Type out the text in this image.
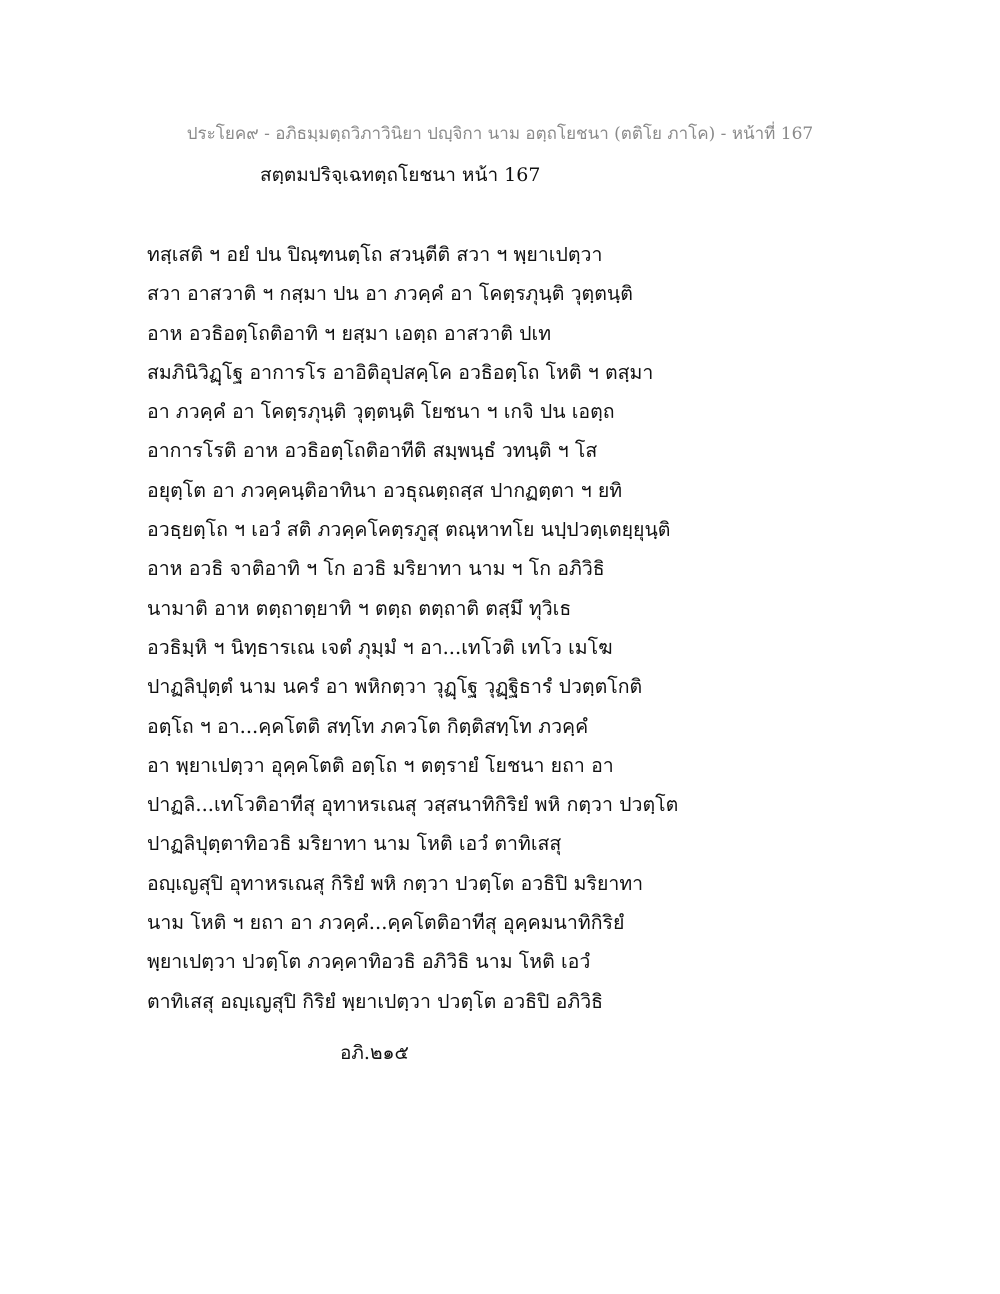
ประโยค๙ - อภิธมฺมตฺถวิภาวินิยา ปญฺจิกา นาม อตฺถโยชนา (ตติโย ภาโค) - หน้าที่ 167
สตฺตมปริจฺเฉทตฺถโยชนา หน้า 167
ทสฺเสติ ฯ อยํ ปน ปิณฺฑนตฺโถ สวนฺตีติ สวา ฯ พฺยาเปตฺวา
สวา อาสวาติ ฯ กสฺมา ปน อา ภวคฺคํ อา โคตฺรภุนฺติ วุตฺตนฺติ
อาห อวธิอตฺโถติอาทิ ฯ ยสฺมา เอตฺถ อาสวาติ ปเท
สมภินิวิฏฺโฐ อาการโร อาอิติอุปสคฺโค อวธิอตฺโถ โหติ ฯ ตสฺมา
อา ภวคฺคํ อา โคตฺรภุนฺติ วุตฺตนฺติ โยชนา ฯ เกจิ ปน เอตฺถ
อาการโรติ อาห อวธิอตฺโถติอาทีติ สมฺพนฺธํ วทนฺติ ฯ โส
อยุตฺโต อา ภวคฺคนฺติอาทินา อวธุณตฺถสฺส ปากฏตฺตา ฯ ยทิ
อวธฺยตฺโถ ฯ เอวํ สติ ภวคฺคโคตฺรภูสุ ตณฺหาทโย นปฺปวตฺเตยฺยุนฺติ
อาห อวธิ จาติอาทิ ฯ โก อวธิ มริยาทา นาม ฯ โก อภิวิธิ
นามาติ อาห ตตฺถาตฺยาทิ ฯ ตตฺถ ตตฺถาติ ตสฺมึ ทุวิเธ
อวธิมฺหิ ฯ นิทฺธารเณ เจตํ ภุมฺมํ ฯ อา...เทโวติ เทโว เมโฆ
ปาฏลิปุตฺตํ นาม นครํ อา พหิกตฺวา วุฏฺโฐ วุฏฺฐิธารํ ปวตฺตโกติ
อตฺโถ ฯ อา...คฺคโตติ สทฺโท ภควโต กิตฺติสทฺโท ภวคฺคํ
อา พฺยาเปตฺวา อุคฺคโตติ อตฺโถ ฯ ตตฺรายํ โยชนา ยถา อา
ปาฏลิ...เทโวติอาทีสุ อุทาหรเณสุ วสฺสนาทิกิริยํ พหิ กตฺวา ปวตฺโต
ปาฏลิปุตฺตาทิอวธิ มริยาทา นาม โหติ เอวํ ตาทิเสสุ
อญฺเญสุปิ อุทาหรเณสุ กิริยํ พหิ กตฺวา ปวตฺโต อวธิปิ มริยาทา
นาม โหติ ฯ ยถา อา ภวคฺคํ...คฺคโตติอาทีสุ อุคฺคมนาทิกิริยํ
พฺยาเปตฺวา ปวตฺโต ภวคฺคาทิอวธิ อภิวิธิ นาม โหติ เอวํ
ตาทิเสสุ อญฺเญสุปิ กิริยํ พฺยาเปตฺวา ปวตฺโต อวธิปิ อภิวิธิ
อภิ.๒๑๕
